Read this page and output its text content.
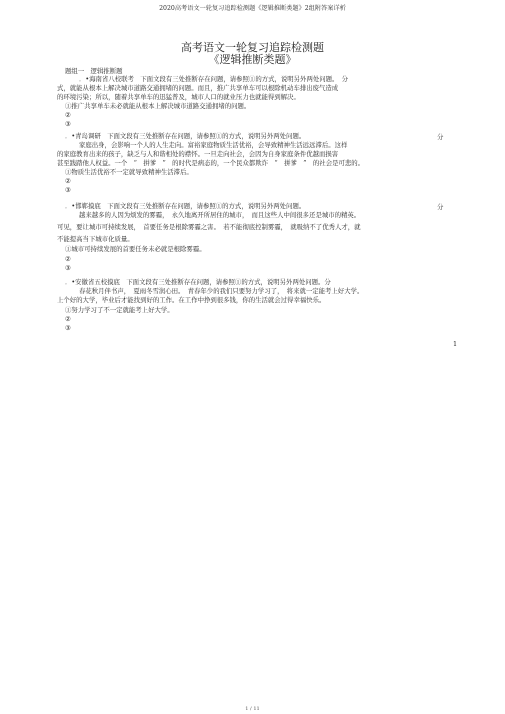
2020高考语文一轮复习追踪检测题《逻辑推断类题》2组附答案详析
高考语文一轮复习追踪检测题
《逻辑推断类题》
题组一　逻辑推断题
．•海南省八校联考　下面文段有三处推断存在问题，请参照①的方式，说明另外两处问题。　分
式，就能从根本上解决城市道路交通拥堵的问题。而且，推广共享单车可以根除机动车排出废气造成
的环境污染；所以，随着共享单车的迅猛普及，城市人口的就业压力也就能得到解决。
①推广共享单车未必就能从根本上解决城市道路交通拥堵的问题。
②
③
．•青岛调研　下面文段有三处推断存在问题，请参照①的方式，说明另外两处问题。	分
家庭出身，会影响一个人的人生走向。富裕家庭物质生活优裕，会导致精神生活远远滞后。这样
的家庭教育出来的孩子，缺乏与人和谐相处的襟怀。一旦走向社会，会因为自身家庭条件优越而损害
甚至践踏他人权益。一个　“　拼爹　”　的时代是病态的，一个民众都欺诈　“　拼爹　”　的社会是可悲的。
①物质生活优裕不一定就导致精神生活滞后。
②
③
．•邯郸摸底　下面文段有三处推断存在问题，请参照①的方式，说明另外两处问题。	分
越来越多的人因为烦发的雾霾，　永久地离开所居住的城市，　而且这些人中间很多还是城市的精英。
可见，要让城市可持续发展，　首要任务是根除雾霾之害。　若不能彻底控制雾霾，　就吸纳不了优秀人才，就
不能提高当下城市化质量。
①城市可持续发展的首要任务未必就是根除雾霾。
②
③
．•安徽省五校摸底　下面文段有三处推断存在问题，请参照①的方式，说明另外两处问题。分
春花秋月伴书声，　夏雨冬雪润心田。　青春年少的我们只要努力学习了，　将来就一定能考上好大学。
上个好的大学，毕业后才能找到好的工作。在工作中挣到很多钱，你的生活就会过得幸福快乐。
①努力学习了不一定就能考上好大学。
②
③
1
1 / 11
